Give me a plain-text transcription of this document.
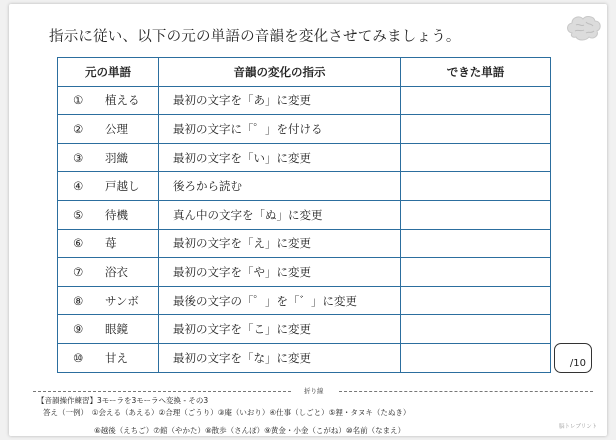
指示に従い、以下の元の単語の音韻を変化させてみましょう。
元の単語	音韻の変化の指示	できた単語
① 植える	最初の文字を「あ」に変更	
② 公理	最初の文字に「゜」を付ける	
③ 羽織	最初の文字を「い」に変更	
④ 戸越し	後ろから読む	
⑤ 待機	真ん中の文字を「ぬ」に変更	
⑥ 苺	最初の文字を「え」に変更	
⑦ 浴衣	最初の文字を「や」に変更	
⑧ サンボ	最後の文字の「゜」を「゛」に変更	
⑨ 眼鏡	最初の文字を「こ」に変更	
⑩ 甘え	最初の文字を「な」に変更		/10
折り線
【音韻操作練習】3モーラを3モーラへ変換 - その3
答え（一例）　①会える（あえる）②合理（ごうり）③庵（いおり）④仕事（しごと）⑤狸・タヌキ（たぬき）
⑥越後（えちご）⑦館（やかた）⑧散歩（さんぽ）⑨黄金・小金（こがね）⑩名前（なまえ）	脳トレプリント
